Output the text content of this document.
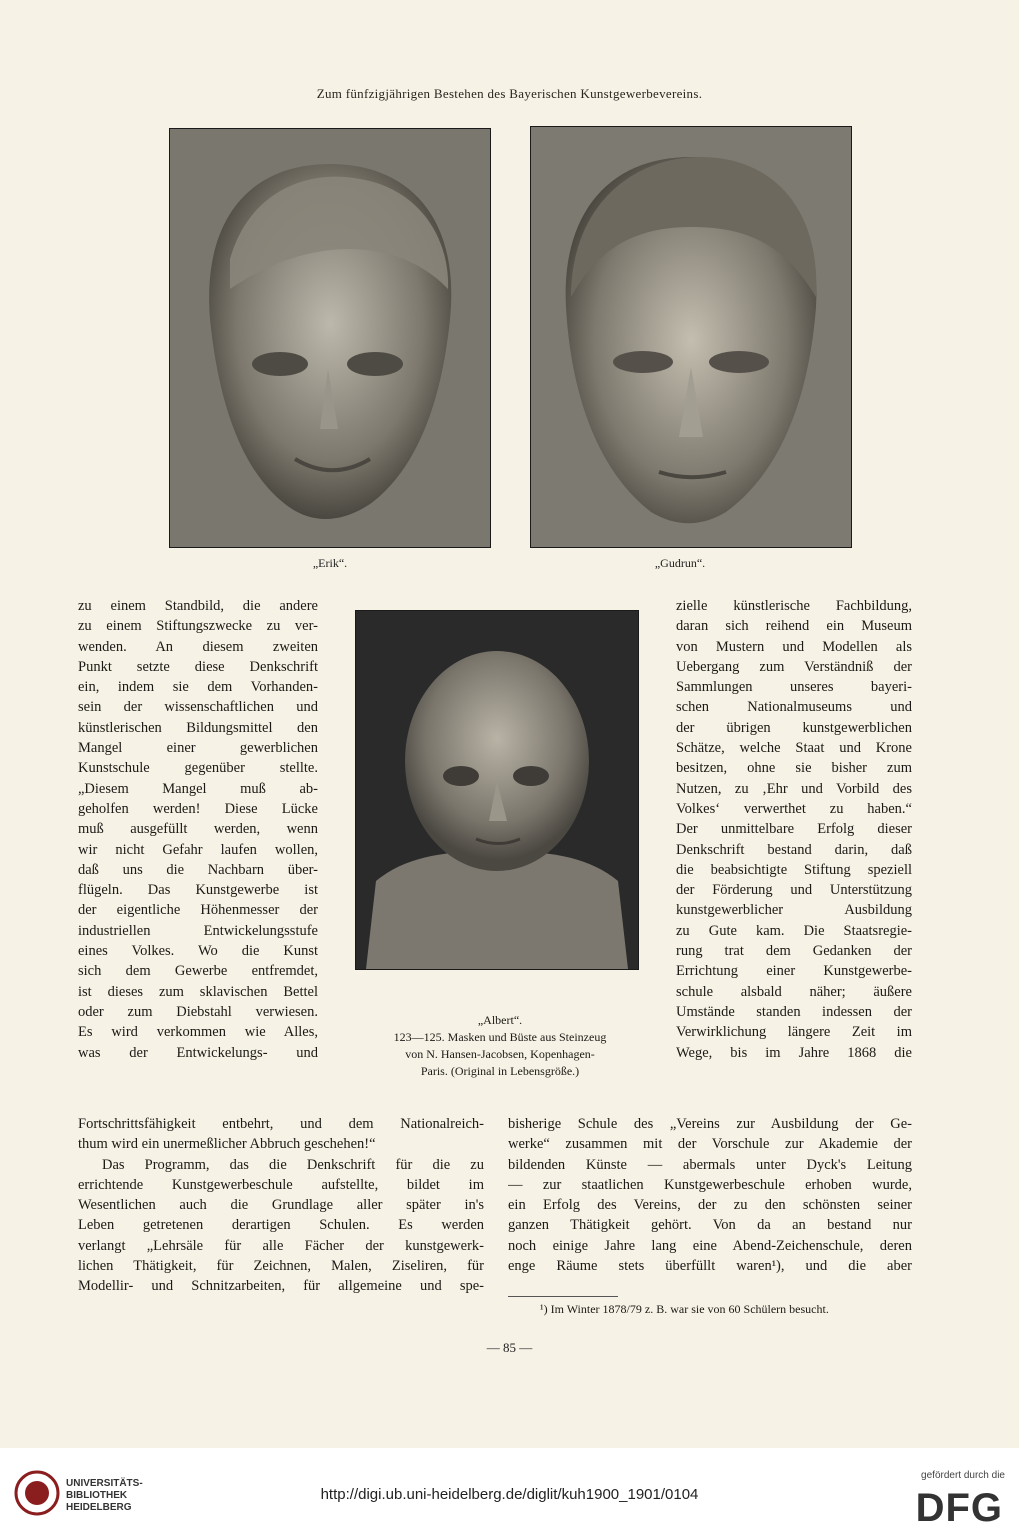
Zum fünfzigjährigen Bestehen des Bayerischen Kunstgewerbevereins.
„Erik“.	„Gudrun“.
„Albert“.
123—125. Masken und Büste aus Steinzeug
von N. Hansen-Jacobsen, Kopenhagen-
Paris. (Original in Lebensgröße.)
zu einem Standbild, die andere
zu einem Stiftungszwecke zu ver-
wenden. An diesem zweiten
Punkt setzte diese Denkschrift
ein, indem sie dem Vorhanden-
sein der wissenschaftlichen und
künstlerischen Bildungsmittel den
Mangel einer gewerblichen
Kunstschule gegenüber stellte.
„Diesem Mangel muß ab-
geholfen werden! Diese Lücke
muß ausgefüllt werden, wenn
wir nicht Gefahr laufen wollen,
daß uns die Nachbarn über-
flügeln. Das Kunstgewerbe ist
der eigentliche Höhenmesser der
industriellen Entwickelungsstufe
eines Volkes. Wo die Kunst
sich dem Gewerbe entfremdet,
ist dieses zum sklavischen Bettel
oder zum Diebstahl verwiesen.
Es wird verkommen wie Alles,
was der Entwickelungs- und
zielle künstlerische Fachbildung,
daran sich reihend ein Museum
von Mustern und Modellen als
Uebergang zum Verständniß der
Sammlungen unseres bayeri-
schen Nationalmuseums und
der übrigen kunstgewerblichen
Schätze, welche Staat und Krone
besitzen, ohne sie bisher zum
Nutzen, zu ‚Ehr und Vorbild des
Volkes‘ verwerthet zu haben.“
Der unmittelbare Erfolg dieser
Denkschrift bestand darin, daß
die beabsichtigte Stiftung speziell
der Förderung und Unterstützung
kunstgewerblicher Ausbildung
zu Gute kam. Die Staatsregie-
rung trat dem Gedanken der
Errichtung einer Kunstgewerbe-
schule alsbald näher; äußere
Umstände standen indessen der
Verwirklichung längere Zeit im
Wege, bis im Jahre 1868 die
Fortschrittsfähigkeit entbehrt, und dem Nationalreich-
thum wird ein unermeßlicher Abbruch geschehen!“
Das Programm, das die Denkschrift für die zu
errichtende Kunstgewerbeschule aufstellte, bildet im
Wesentlichen auch die Grundlage aller später in's
Leben getretenen derartigen Schulen. Es werden
verlangt „Lehrsäle für alle Fächer der kunstgewerk-
lichen Thätigkeit, für Zeichnen, Malen, Ziseliren, für
Modellir- und Schnitzarbeiten, für allgemeine und spe-
bisherige Schule des „Vereins zur Ausbildung der Ge-
werke“ zusammen mit der Vorschule zur Akademie der
bildenden Künste — abermals unter Dyck's Leitung
— zur staatlichen Kunstgewerbeschule erhoben wurde,
ein Erfolg des Vereins, der zu den schönsten seiner
ganzen Thätigkeit gehört. Von da an bestand nur
noch einige Jahre lang eine Abend-Zeichenschule, deren
enge Räume stets überfüllt waren¹), und die aber
¹) Im Winter 1878/79 z. B. war sie von 60 Schülern besucht.
— 85 —
UNIVERSITÄTS-
BIBLIOTHEK
HEIDELBERG
http://digi.ub.uni-heidelberg.de/diglit/kuh1900_1901/0104
gefördert durch die
DFG
